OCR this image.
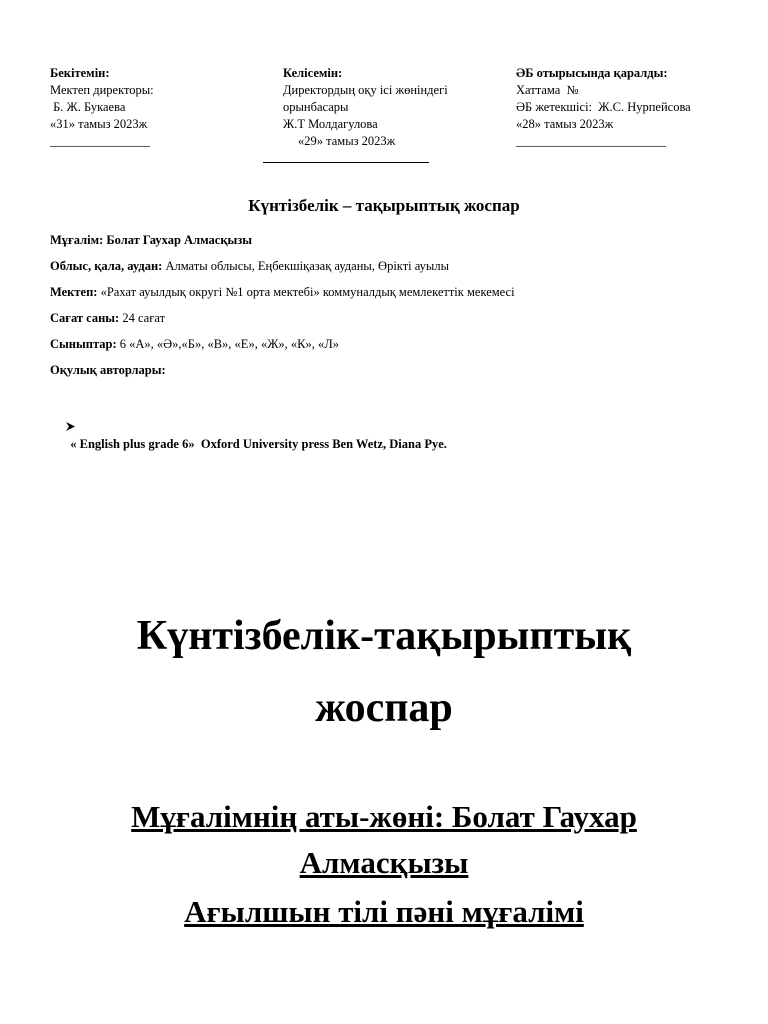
Бекітемін:
Мектеп директоры:
Б. Ж. Букаева
«31» тамыз 2023ж
________________
Келісемін:
Директордың оқу ісі жөніндегі
орынбасары
Ж.Т Молдагулова
«29» тамыз 2023ж
ӘБ отырысында қаралды:
Хаттама  №
ӘБ жетекшісі:  Ж.С. Нурпейсова
«28» тамыз 2023ж
________________________
Күнтізбелік – тақырыптық жоспар
Мұғалім: Болат Гаухар Алмасқызы
Облыс, қала, аудан: Алматы облысы, Еңбекшіқазақ ауданы, Өрікті ауылы
Мектеп: «Рахат ауылдық округі №1 орта мектебі» коммуналдық мемлекеттік мекемесі
Сағат саны: 24 сағат
Сыныптар: 6 «А», «Ә»,«Б», «В», «Е», «Ж», «К», «Л»
Оқулық авторлары:

« English plus grade 6»  Oxford University press Ben Wetz, Diana Pye.

Күнтізбелік-тақырыптық
жоспар
Мұғалімнің аты-жөні: Болат Гаухар
Алмасқызы
Ағылшын тілі пәні мұғалімі
